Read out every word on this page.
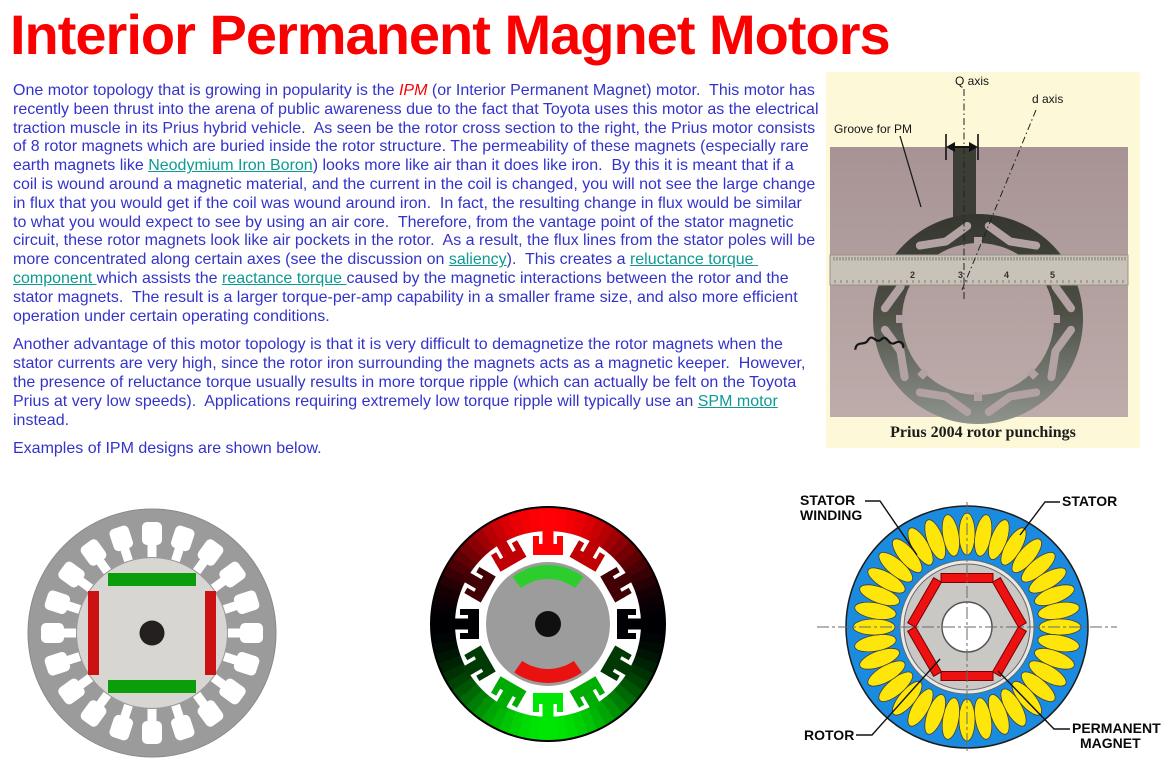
Interior Permanent Magnet Motors

One motor topology that is growing in popularity is the IPM (or Interior Permanent Magnet) motor.  This motor has recently been thrust into the arena of public awareness due to the fact that Toyota uses this motor as the electrical traction muscle in its Prius hybrid vehicle.  As seen be the rotor cross section to the right, the Prius motor consists of 8 rotor magnets which are buried inside the rotor structure. The permeability of these magnets (especially rare earth magnets like Neodymium Iron Boron) looks more like air than it does like iron.  By this it is meant that if a coil is wound around a magnetic material, and the current in the coil is changed, you will not see the large change in flux that you would get if the coil was wound around iron.  In fact, the resulting change in flux would be similar to what you would expect to see by using an air core.  Therefore, from the vantage point of the stator magnetic circuit, these rotor magnets look like air pockets in the rotor.  As a result, the flux lines from the stator poles will be more concentrated along certain axes (see the discussion on saliency).  This creates a reluctance torque component which assists the reactance torque caused by the magnetic interactions between the rotor and the stator magnets.  The result is a larger torque-per-amp capability in a smaller frame size, and also more efficient operation under certain operating conditions.

Another advantage of this motor topology is that it is very difficult to demagnetize the rotor magnets when the stator currents are very high, since the rotor iron surrounding the magnets acts as a magnetic keeper.  However, the presence of reluctance torque usually results in more torque ripple (which can actually be felt on the Toyota Prius at very low speeds).  Applications requiring extremely low torque ripple will typically use an SPM motor instead.

Examples of IPM designs are shown below.

Q axis
d axis
Groove for PM
2	3	4	5
Prius 2004 rotor punchings
STATOR
WINDING
STATOR
ROTOR	PERMANENT
MAGNET
